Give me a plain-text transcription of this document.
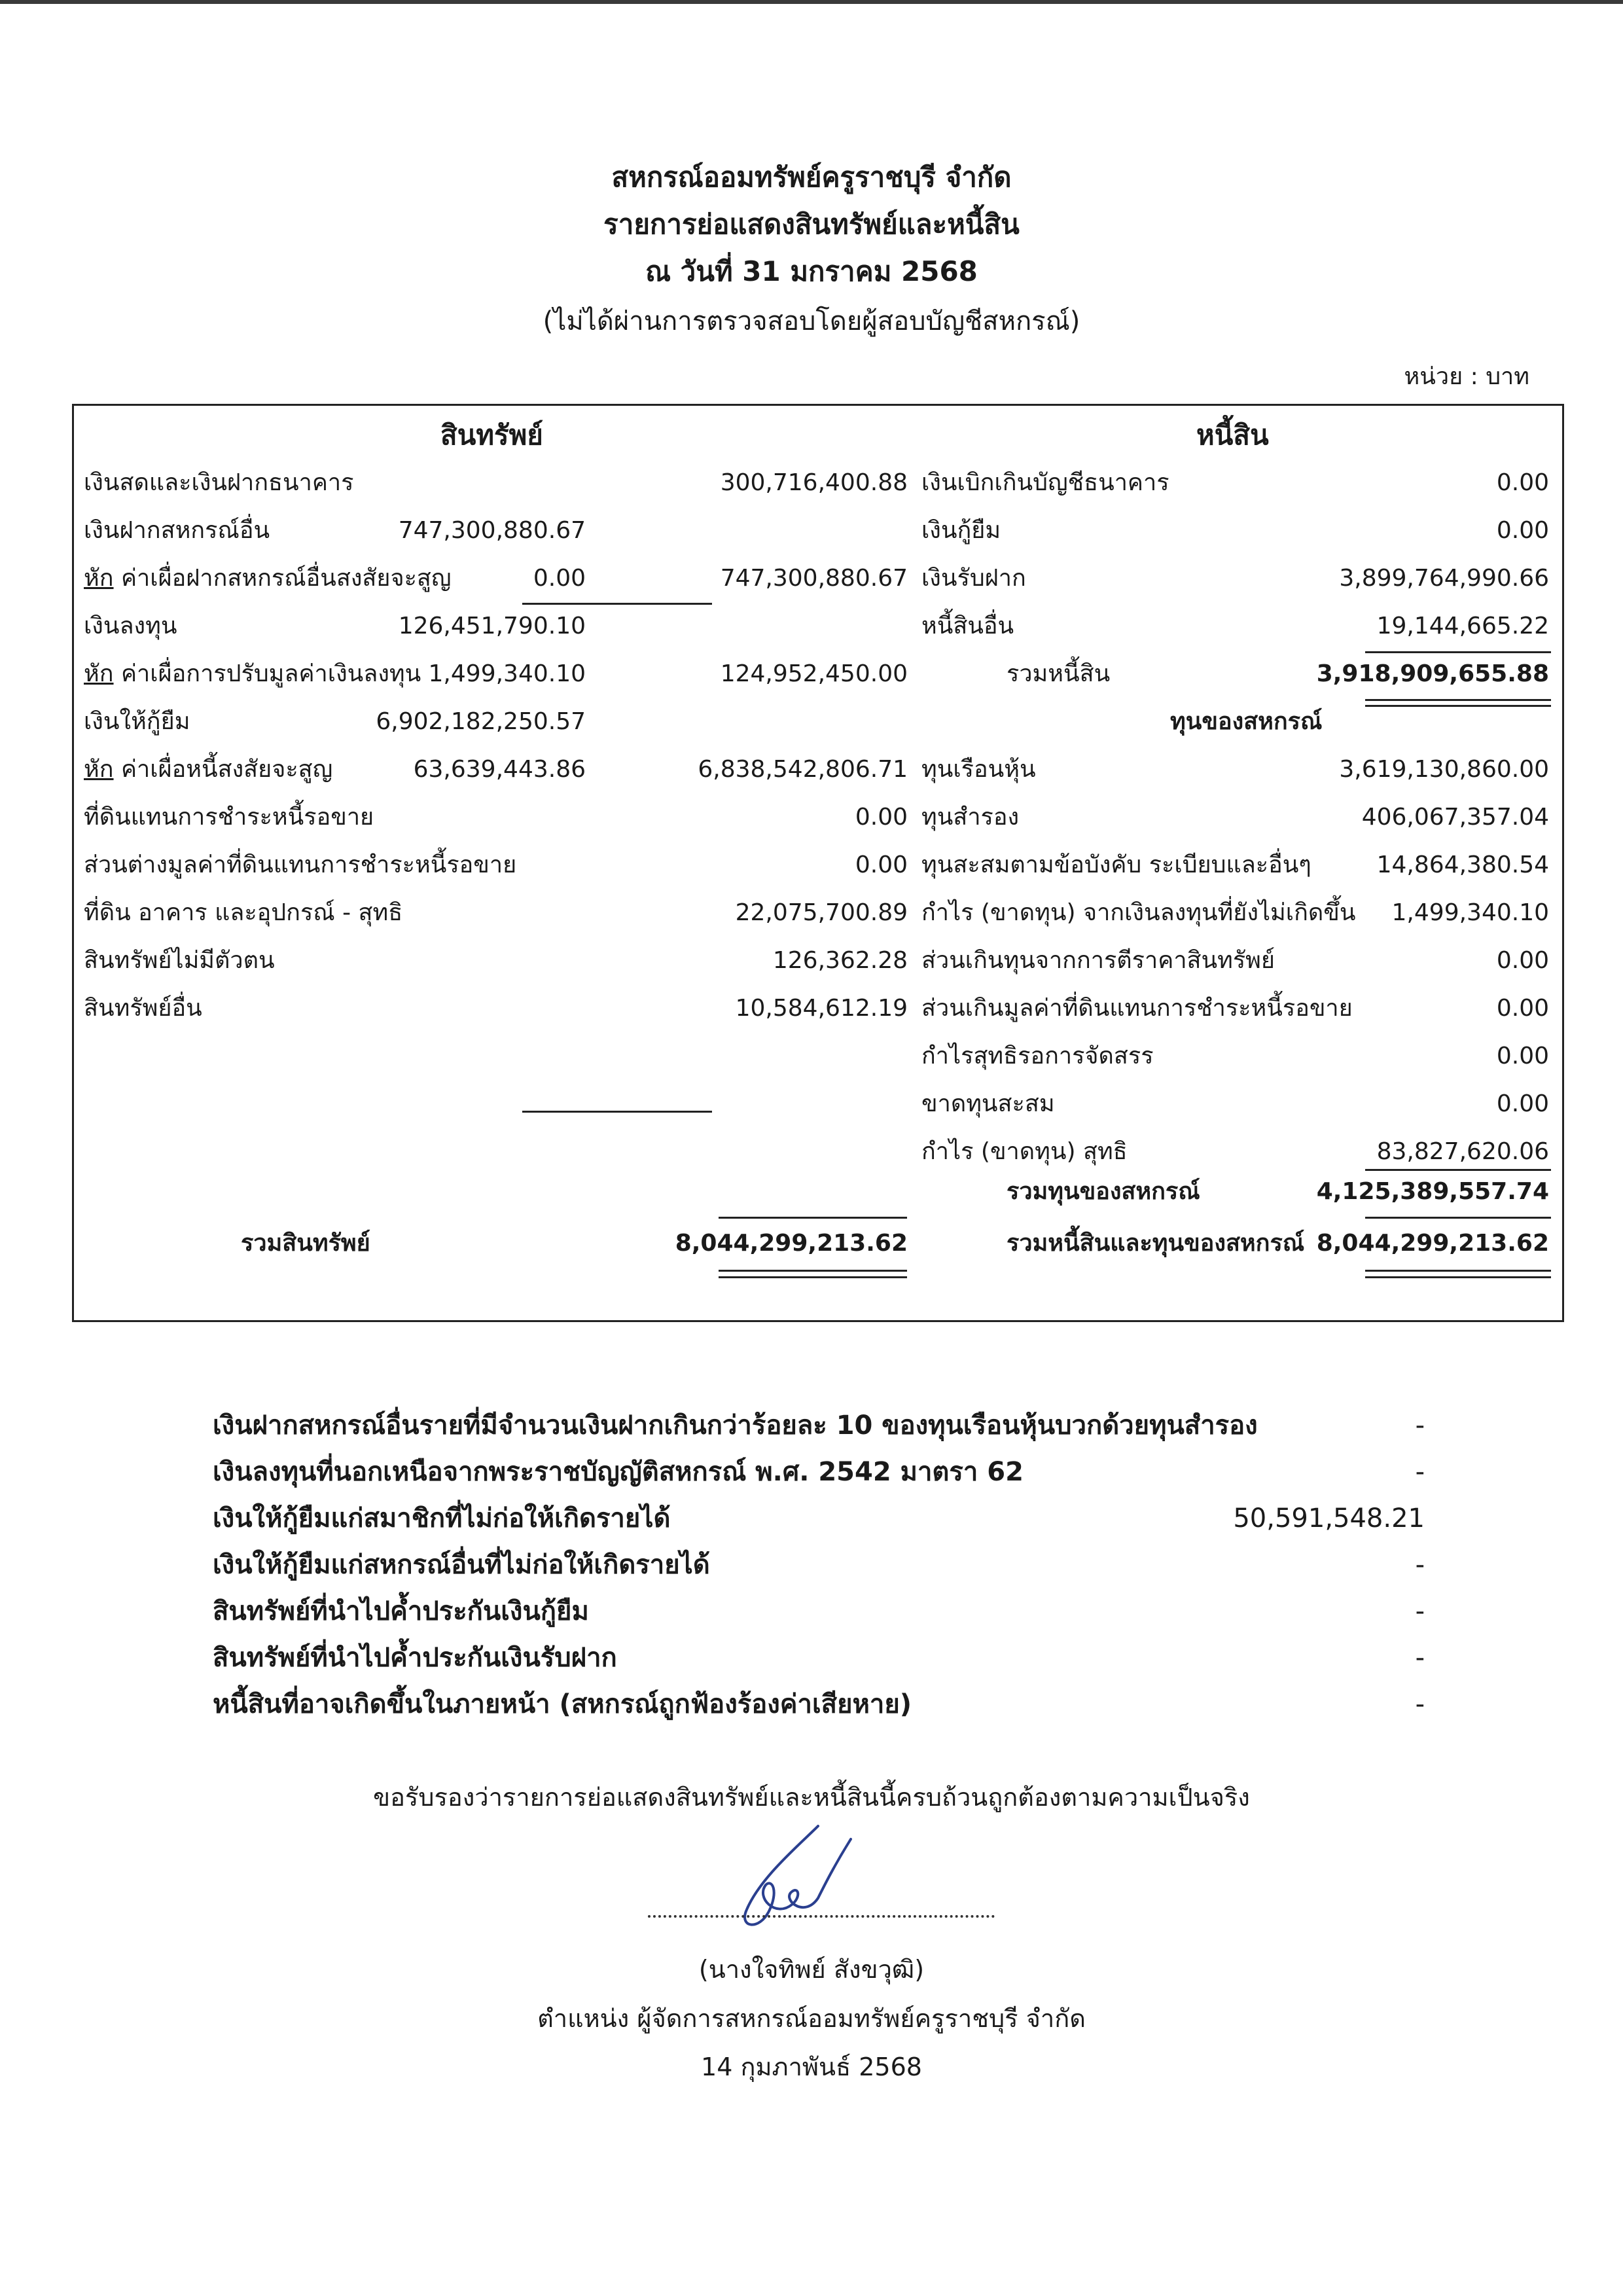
สหกรณ์ออมทรัพย์ครูราชบุรี จำกัด
รายการย่อแสดงสินทรัพย์และหนี้สิน
ณ วันที่ 31 มกราคม 2568
(ไม่ได้ผ่านการตรวจสอบโดยผู้สอบบัญชีสหกรณ์)
หน่วย : บาท
สินทรัพย์	หนี้สิน
เงินสดและเงินฝากธนาคาร	300,716,400.88
เงินฝากสหกรณ์อื่น	747,300,880.67
หัก ค่าเผื่อฝากสหกรณ์อื่นสงสัยจะสูญ	0.00	747,300,880.67
เงินลงทุน	126,451,790.10
หัก ค่าเผื่อการปรับมูลค่าเงินลงทุน 1,499,340.10	124,952,450.00
เงินให้กู้ยืม	6,902,182,250.57
หัก ค่าเผื่อหนี้สงสัยจะสูญ	63,639,443.86	6,838,542,806.71
ที่ดินแทนการชำระหนี้รอขาย	0.00
ส่วนต่างมูลค่าที่ดินแทนการชำระหนี้รอขาย	0.00
ที่ดิน อาคาร และอุปกรณ์ - สุทธิ	22,075,700.89
สินทรัพย์ไม่มีตัวตน	126,362.28
สินทรัพย์อื่น	10,584,612.19
เงินเบิกเกินบัญชีธนาคาร	0.00
เงินกู้ยืม	0.00
เงินรับฝาก	3,899,764,990.66
หนี้สินอื่น	19,144,665.22
รวมหนี้สิน	3,918,909,655.88
ทุนของสหกรณ์
ทุนเรือนหุ้น	3,619,130,860.00
ทุนสำรอง	406,067,357.04
ทุนสะสมตามข้อบังคับ ระเบียบและอื่นๆ	14,864,380.54
กำไร (ขาดทุน) จากเงินลงทุนที่ยังไม่เกิดขึ้น 1,499,340.10
ส่วนเกินทุนจากการตีราคาสินทรัพย์	0.00
ส่วนเกินมูลค่าที่ดินแทนการชำระหนี้รอขาย	0.00
กำไรสุทธิรอการจัดสรร	0.00
ขาดทุนสะสม	0.00
กำไร (ขาดทุน) สุทธิ	83,827,620.06
รวมสินทรัพย์	8,044,299,213.62
รวมทุนของสหกรณ์	4,125,389,557.74
รวมหนี้สินและทุนของสหกรณ์ 8,044,299,213.62
เงินฝากสหกรณ์อื่นรายที่มีจำนวนเงินฝากเกินกว่าร้อยละ 10 ของทุนเรือนหุ้นบวกด้วยทุนสำรอง	-
เงินลงทุนที่นอกเหนือจากพระราชบัญญัติสหกรณ์ พ.ศ. 2542 มาตรา 62	-
เงินให้กู้ยืมแก่สมาชิกที่ไม่ก่อให้เกิดรายได้	50,591,548.21
เงินให้กู้ยืมแก่สหกรณ์อื่นที่ไม่ก่อให้เกิดรายได้	-
สินทรัพย์ที่นำไปค้ำประกันเงินกู้ยืม	-
สินทรัพย์ที่นำไปค้ำประกันเงินรับฝาก	-
หนี้สินที่อาจเกิดขึ้นในภายหน้า (สหกรณ์ถูกฟ้องร้องค่าเสียหาย)	-
ขอรับรองว่ารายการย่อแสดงสินทรัพย์และหนี้สินนี้ครบถ้วนถูกต้องตามความเป็นจริง
(นางใจทิพย์ สังขวุฒิ)
ตำแหน่ง ผู้จัดการสหกรณ์ออมทรัพย์ครูราชบุรี จำกัด
14 กุมภาพันธ์ 2568
